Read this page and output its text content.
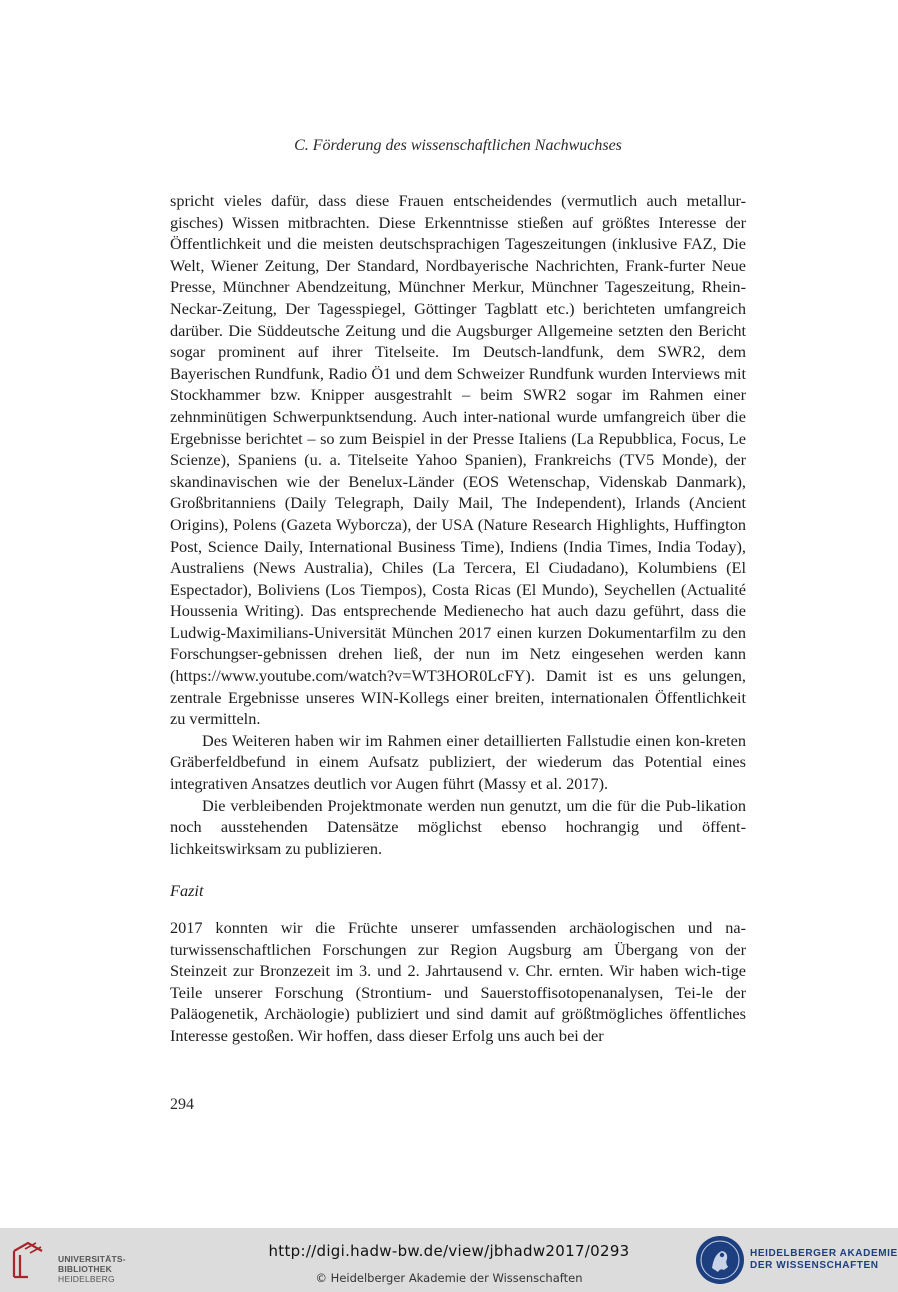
C. Förderung des wissenschaftlichen Nachwuchses

spricht vieles dafür, dass diese Frauen entscheidendes (vermutlich auch metallur-gisches) Wissen mitbrachten. Diese Erkenntnisse stießen auf größtes Interesse der Öffentlichkeit und die meisten deutschsprachigen Tageszeitungen (inklusive FAZ, Die Welt, Wiener Zeitung, Der Standard, Nordbayerische Nachrichten, Frank-furter Neue Presse, Münchner Abendzeitung, Münchner Merkur, Münchner Tageszeitung, Rhein-Neckar-Zeitung, Der Tagesspiegel, Göttinger Tagblatt etc.) berichteten umfangreich darüber. Die Süddeutsche Zeitung und die Augsburger Allgemeine setzten den Bericht sogar prominent auf ihrer Titelseite. Im Deutsch-landfunk, dem SWR2, dem Bayerischen Rundfunk, Radio Ö1 und dem Schweizer Rundfunk wurden Interviews mit Stockhammer bzw. Knipper ausgestrahlt – beim SWR2 sogar im Rahmen einer zehnminütigen Schwerpunktsendung. Auch inter-national wurde umfangreich über die Ergebnisse berichtet – so zum Beispiel in der Presse Italiens (La Repubblica, Focus, Le Scienze), Spaniens (u. a. Titelseite Yahoo Spanien), Frankreichs (TV5 Monde), der skandinavischen wie der Benelux-Länder (EOS Wetenschap, Videnskab Danmark), Großbritanniens (Daily Telegraph, Daily Mail, The Independent), Irlands (Ancient Origins), Polens (Gazeta Wyborcza), der USA (Nature Research Highlights, Huffington Post, Science Daily, International Business Time), Indiens (India Times, India Today), Australiens (News Australia), Chiles (La Tercera, El Ciudadano), Kolumbiens (El Espectador), Boliviens (Los Tiempos), Costa Ricas (El Mundo), Seychellen (Actualité Houssenia Writing). Das entsprechende Medienecho hat auch dazu geführt, dass die Ludwig-Maximilians-Universität München 2017 einen kurzen Dokumentarfilm zu den Forschungser-gebnissen drehen ließ, der nun im Netz eingesehen werden kann (https://www.youtube.com/watch?v=WT3HOR0LcFY). Damit ist es uns gelungen, zentrale Ergebnisse unseres WIN-Kollegs einer breiten, internationalen Öffentlichkeit zu vermitteln.

Des Weiteren haben wir im Rahmen einer detaillierten Fallstudie einen kon-kreten Gräberfeldbefund in einem Aufsatz publiziert, der wiederum das Potential eines integrativen Ansatzes deutlich vor Augen führt (Massy et al. 2017).

Die verbleibenden Projektmonate werden nun genutzt, um die für die Pub-likation noch ausstehenden Datensätze möglichst ebenso hochrangig und öffent-lichkeitswirksam zu publizieren.

Fazit

2017 konnten wir die Früchte unserer umfassenden archäologischen und na-turwissenschaftlichen Forschungen zur Region Augsburg am Übergang von der Steinzeit zur Bronzezeit im 3. und 2. Jahrtausend v. Chr. ernten. Wir haben wich-tige Teile unserer Forschung (Strontium- und Sauerstoffisotopenanalysen, Tei-le der Paläogenetik, Archäologie) publiziert und sind damit auf größtmögliches öffentliches Interesse gestoßen. Wir hoffen, dass dieser Erfolg uns auch bei der

294
UNIVERSITÄTS-
BIBLIOTHEK
HEIDELBERG
http://digi.hadw-bw.de/view/jbhadw2017/0293
© Heidelberger Akademie der Wissenschaften
HEIDELBERGER AKADEMIE
DER WISSENSCHAFTEN
